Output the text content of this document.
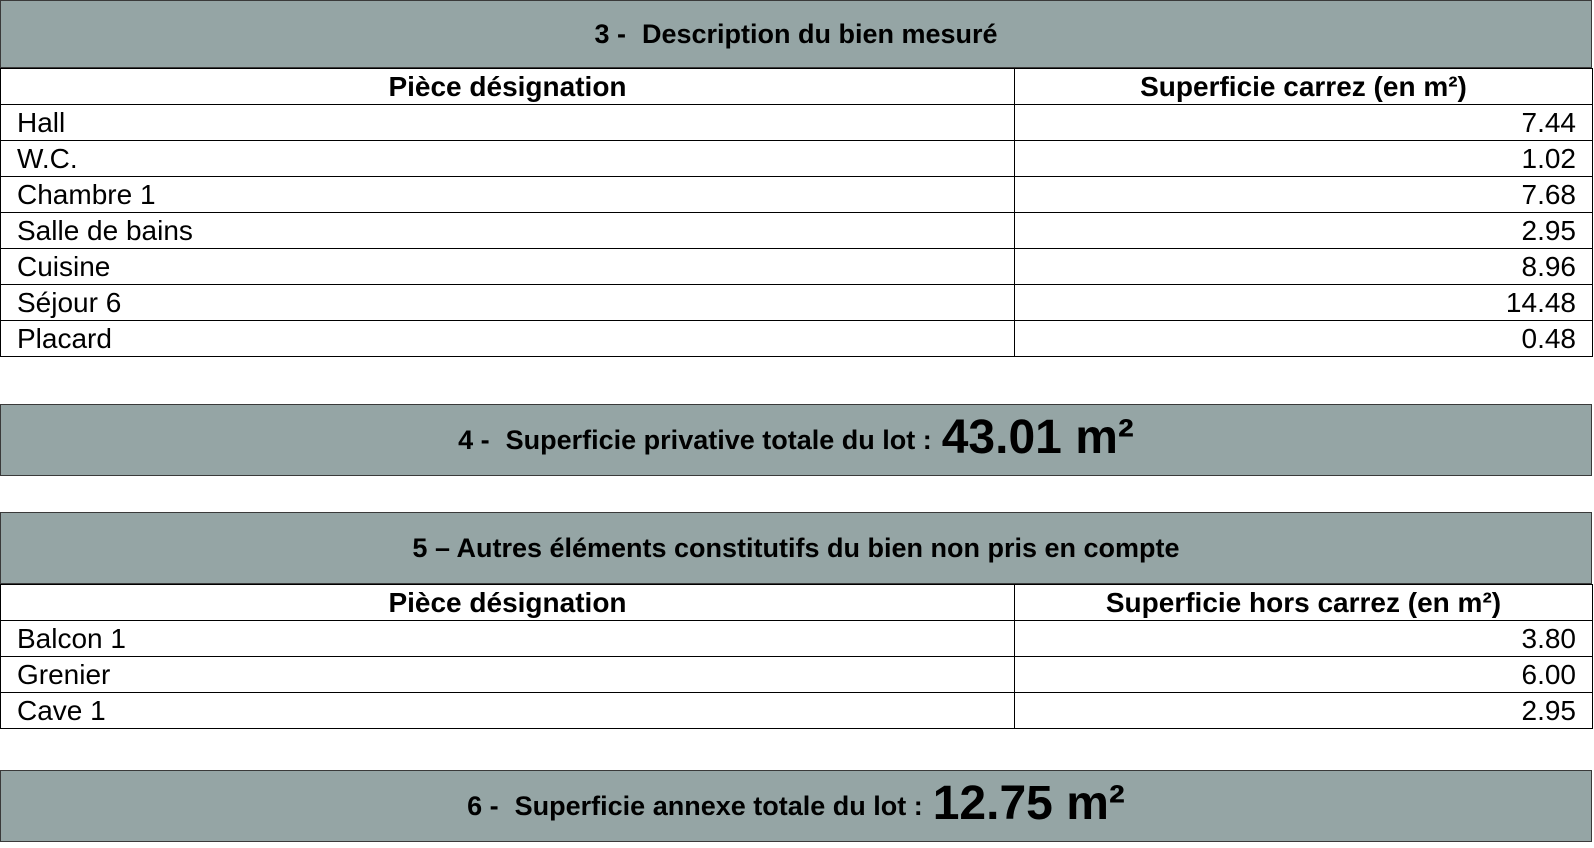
3 - Description du bien mesuré
Pièce désignation	Superficie carrez (en m²)
Hall	7.44
W.C.	1.02
Chambre 1	7.68
Salle de bains	2.95
Cuisine	8.96
Séjour 6	14.48
Placard	0.48
4 - Superficie privative totale du lot : 43.01 m²
5 – Autres éléments constitutifs du bien non pris en compte
Pièce désignation	Superficie hors carrez (en m²)
Balcon 1	3.80
Grenier	6.00
Cave 1	2.95
6 - Superficie annexe totale du lot : 12.75 m²
